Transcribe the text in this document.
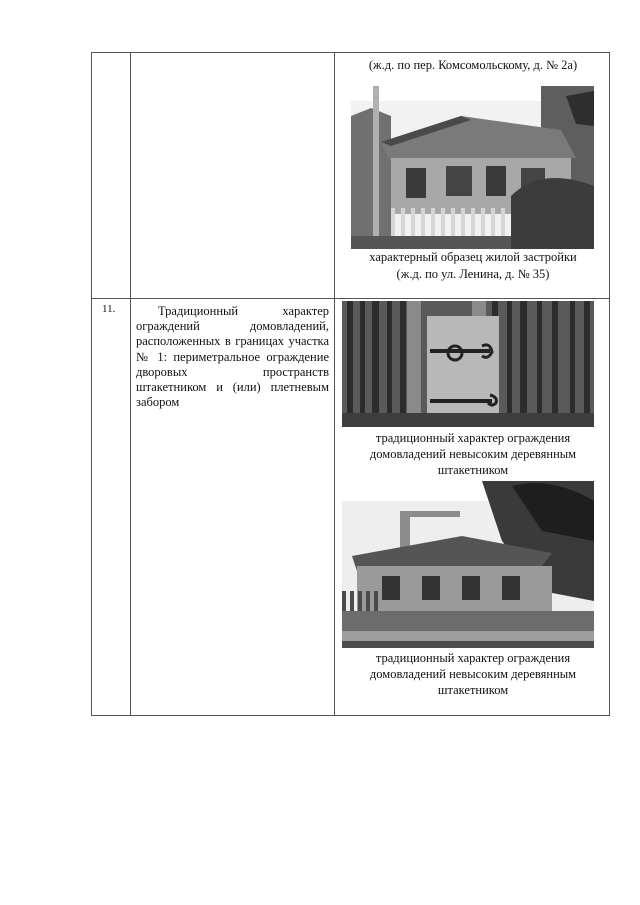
(ж.д. по пер. Комсомольскому, д. № 2а)
характерный образец жилой застройки
(ж.д. по ул. Ленина, д. № 35)
11.	Традиционный характер ограждений домовладений, расположенных в границах участка № 1: периметральное ограждение дворовых пространств штакетником и (или) плетневым забором

традиционный характер ограждения
домовладений невысоким деревянным
штакетником
традиционный характер ограждения
домовладений невысоким деревянным
штакетником
